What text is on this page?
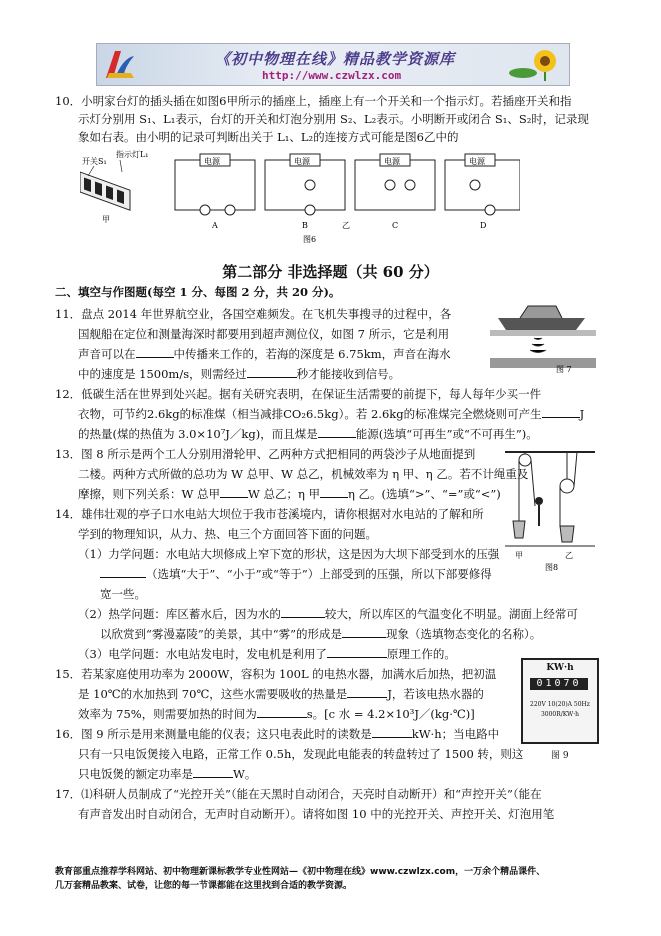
《初中物理在线》精品教学资源库
http://www.czwlzx.com
10．小明家台灯的插头插在如图6甲所示的插座上，插座上有一个开关和一个指示灯。若插座开关和指
示灯分别用 S₁、L₁表示，台灯的开关和灯泡分别用 S₂、L₂表示。小明断开或闭合 S₁、S₂时，记录现
象如右表。由小明的记录可判断出关于 L₁、L₂的连接方式可能是图6乙中的
开关S₁
指示灯L₁
电源	电源	电源	电源
甲
A	B	乙	C	D
图6
第二部分 非选择题（共 60 分）
二、填空与作图题(每空 1 分、每图 2 分，共 20 分)。
11．盘点 2014 年世界航空业，各国空难频发。在飞机失事搜寻的过程中，各
国舰船在定位和测量海深时都要用到超声测位仪，如图 7 所示，它是利用
声音可以在	中传播来工作的，若海的深度是 6.75km，声音在海水
中的速度是 1500m/s，则需经过	秒才能接收到信号。	图 7
12．低碳生活在世界到处兴起。据有关研究表明，在保证生活需要的前提下，每人每年少买一件
衣物，可节约2.6kg的标准煤（相当减排CO₂6.5kg）。若 2.6kg的标准煤完全燃烧则可产生	J
的热量(煤的热值为 3.0×10⁷J／kg)，而且煤是	能源(选填“可再生”或“不可再生”)。
13．图 8 所示是两个工人分别用滑轮甲、乙两种方式把相同的两袋沙子从地面提到
二楼。两种方式所做的总功为 W 总甲、W 总乙，机械效率为 η 甲、η 乙。若不计绳重及
摩擦，则下列关系：W 总甲 W 总乙；η 甲 η 乙。(选填“>”、“=”或“<”)
甲	乙
图8
14．雄伟壮观的亭子口水电站大坝位于我市苍溪境内，请你根据对水电站的了解和所
学到的物理知识，从力、热、电三个方面回答下面的问题。
（1）力学问题：水电站大坝修成上窄下宽的形状，这是因为大坝下部受到水的压强
（选填“大于”、“小于”或“等于”）上部受到的压强，所以下部要修得
宽一些。
（2）热学问题：库区蓄水后，因为水的	较大，所以库区的气温变化不明显。湖面上经常可
以欣赏到“雾漫嘉陵”的美景，其中“雾”的形成是	现象（选填物态变化的名称）。
（3）电学问题：水电站发电时，发电机是利用了	原理工作的。
15．若某家庭使用功率为 2000W，容积为 100L 的电热水器，加满水后加热，把初温
是 10℃的水加热到 70℃，这些水需要吸收的热量是	J，若该电热水器的
效率为 75%，则需要加热的时间为	s。[c 水 = 4.2×10³J／(kg·℃)]
16．图 9 所示是用来测量电能的仪表；这只电表此时的读数是	kW·h；当电路中
只有一只电饭煲接入电路，正常工作 0.5h，发现此电能表的转盘转过了 1500 转，则这
只电饭煲的额定功率是	W。
KW·h
01070
220V 10(20)A 50Hz
3000R/KW·h
图 9
17．⑴科研人员制成了“光控开关”（能在天黑时自动闭合，天亮时自动断开）和“声控开关”（能在
有声音发出时自动闭合，无声时自动断开）。请将如图 10 中的光控开关、声控开关、灯泡用笔
教育部重点推荐学科网站、初中物理新课标教学专业性网站—《初中物理在线》www.czwlzx.com，一万余个精品课件、
几万套精品教案、试卷，让您的每一节课都能在这里找到合适的教学资源。
